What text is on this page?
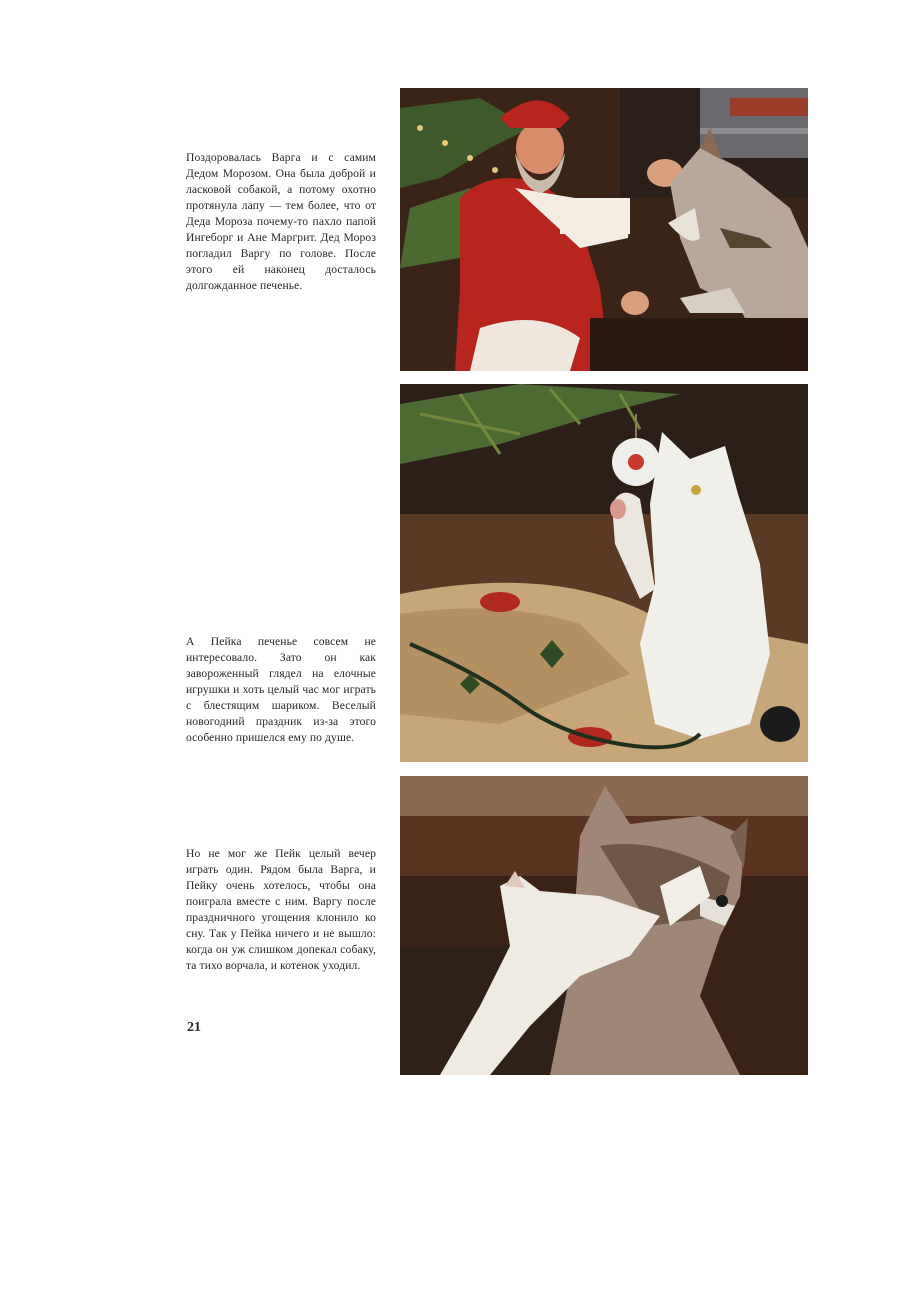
Поздоровалась Варга и с самим Дедом Морозом. Она была доброй и ласковой собакой, а потому охотно протянула лапу — тем более, что от Деда Мороза почему-то пахло папой Ингеборг и Ане Маргрит. Дед Мороз погладил Варгу по голове. После этого ей наконец досталось долгожданное печенье.

А Пейка печенье совсем не интересовало. Зато он как завороженный глядел на елочные игрушки и хоть целый час мог играть с блестящим шариком. Веселый новогодний праздник из-за этого особенно пришелся ему по душе.

Но не мог же Пейк целый вечер играть один. Рядом была Варга, и Пейку очень хотелось, чтобы она поиграла вместе с ним. Варгу после праздничного угощения клонило ко сну. Так у Пейка ничего и не вышло: когда он уж слишком допекал собаку, та тихо ворчала, и котенок уходил.

21
